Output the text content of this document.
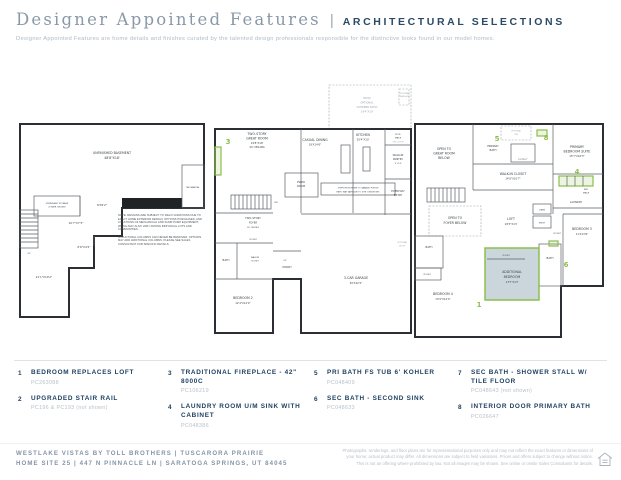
Designer Appointed Features | ARCHITECTURAL SELECTIONS

Designer Appointed Features are home details and finishes curated by the talented design professionals responsible for the distinctive looks found in our model homes.

UNFINISHED BASEMENT
48'8"X18'
MECHANICAL
UNFINISHED STORAGE
(LOWER CEILING)
8'X9'2"
10'7"X7'3"
6'6"X4'2"
21'1"X10'2"
UP

NOTE: DESIGNS ARE SUBJECT TO FIELD VARIATIONS DUE TO EXACT HOME EXTERIOR DESIGN, OPTIONS PURCHASED, AND LOCATIONS OF MECHANICAL AND SUMP PUMP EQUIPMENT, WHICH MAY ALSO VARY AMONG INDIVIDUAL LOTS AND COMMUNITIES.

STRUCTURAL COLUMNS CAN NEVER BE REMOVED. OPTIONS MAY ADD ADDITIONAL COLUMNS. PLEASE SEE SALES CONSULTANT FOR SPECIFIC DETAILS.

PATIO
OPTIONAL
COVERED PATIO
19'4"X10'
OPTIONAL
FIREPLACE
TWO-STORY
GREAT ROOM
19'8"X18'
20' CEILING
3	CASUAL DINING
18'X14'6"
KITCHEN
20'4"X10'
STOR.
SPACE
OPT. DOOR
WALK-IN
PANTRY
9' CLG
EVERYDAY
ENTRY
PWDR
ROOM
STEPS FROM HOME TO GARAGE/ PORCH/
PATIO MAY VARY DUE TO SITE CONDITIONS
TWO-STORY
FOYER
20' CEILING
DN
CLOSET
BATH
WALK-IN
CLOSET	UP
PORCH
BEDROOM 2
12'4"X12'4"
3-CAR GARAGE
30'X22'2"
OPTIONAL
DOOR
OPEN TO
GREAT ROOM
BELOW
PRIMARY
BATH
OPTIONAL
TUB
5	8
5'3"X5'2"
PRIMARY
BEDROOM SUITE
15'7"X16'3"
WALK-IN CLOSET
14'8"X10'7"
4
W/D
SPACE
LAUNDRY
OPEN TO
FOYER BELOW
LOFT
18'3"X13'
LINEN
MECH
CLOSET
BEDROOM 3
11'X13'6"
BATH
6
CLOSET
ADDITIONAL
BEDROOM
13'7"X13'
1
BATH
CLOSET
BEDROOM 4
13'9"X12'4"
1	BEDROOM REPLACES LOFT
PC263088
2	UPGRADED STAIR RAIL
PC196 & PC193 (not shown)
3	TRADITIONAL FIREPLACE - 42" 8000C
PC106219
4	LAUNDRY ROOM U/M SINK WITH CABINET
PC048386
5	PRI BATH FS TUB 6' KOHLER
PC048409
6	SEC BATH - SECOND SINK
PC048633
7	SEC BATH - SHOWER STALL W/ TILE FLOOR
PC048643 (not shown)
8	INTERIOR DOOR PRIMARY BATH
PC026647
WESTLAKE VISTAS BY TOLL BROTHERS | TUSCARORA PRAIRIE
HOME SITE 25 | 447 N PINNACLE LN | SARATOGA SPRINGS, UT 84045
Photographs, renderings, and floor plans are for representational purposes only and may not reflect the exact features or dimensions of
your home; actual product may differ. All dimensions are subject to field variations. Prices and offers subject to change without notice.
This is not an offering where prohibited by law. Not all images may be shown. See online or onsite Sales Consultants for details.
